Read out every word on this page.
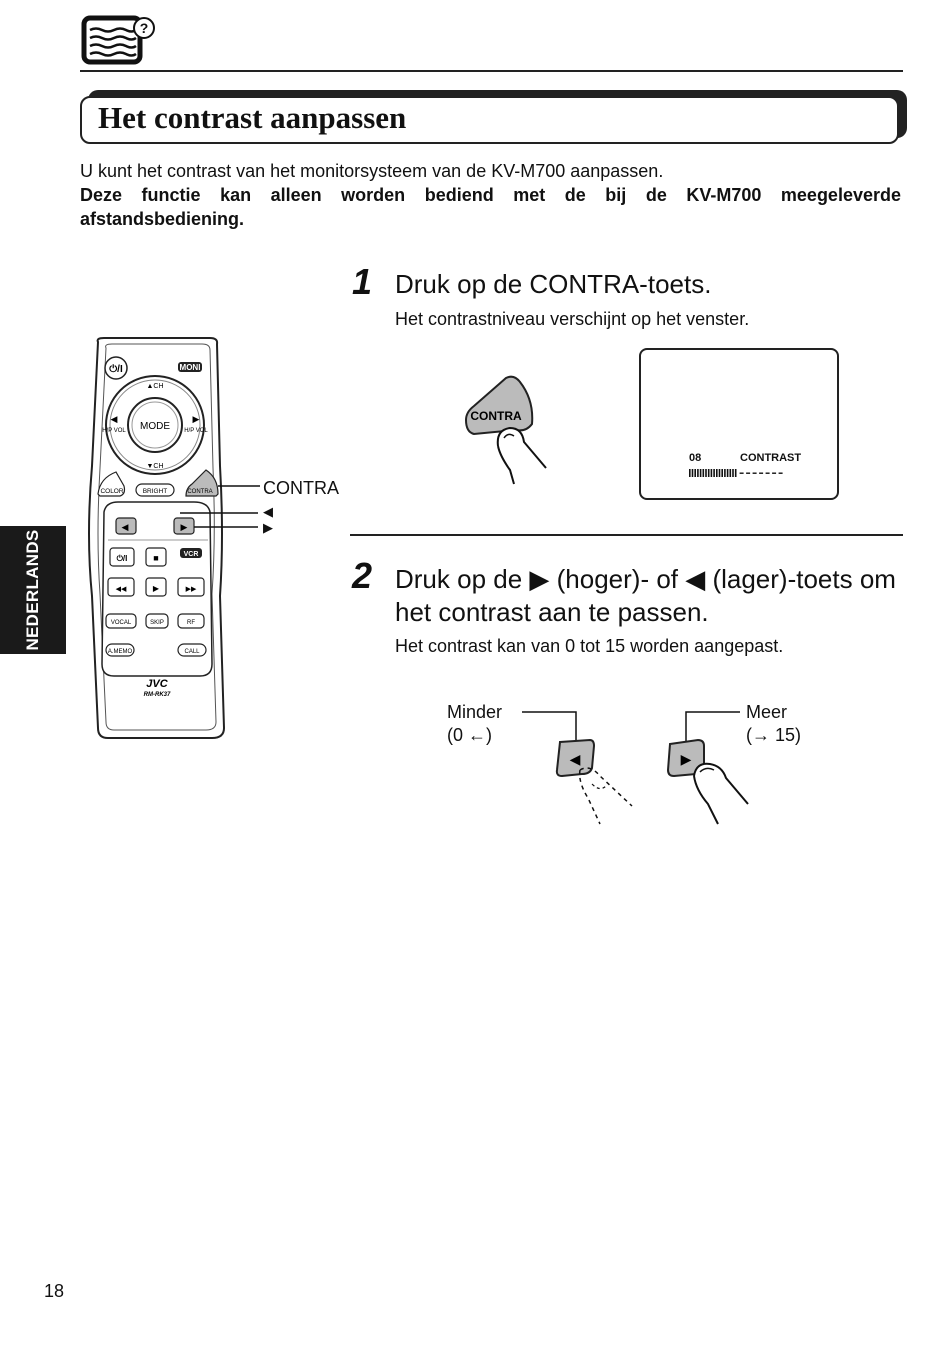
?
Het contrast aanpassen
U kunt het contrast van het monitorsysteem van de KV-M700 aanpassen.
Deze functie kan alleen worden bediend met de bij de KV-M700 meegeleverde afstandsbediening.
NEDERLANDS
⏻/I	MONI
▲CH
▼CH
◀
H/P VOL
▶
H/P VOL
MODE
COLOR	BRIGHT	CONTRA
◀	▶
⏻/I	■	VCR
◀◀	▶	▶▶
VOCAL	SKIP	RF
A.MEMO	CALL
JVC
RM-RK37
CONTRA
◀
▶
1 Druk op de CONTRA-toets.
Het contrastniveau verschijnt op het venster.
CONTRA
08	CONTRAST
2 Druk op de ▶ (hoger)- of ◀ (lager)-toets om
het contrast aan te passen.
Het contrast kan van 0 tot 15 worden aangepast.
Minder
(0 ←)
Meer
(→ 15)
◀	▶
18
